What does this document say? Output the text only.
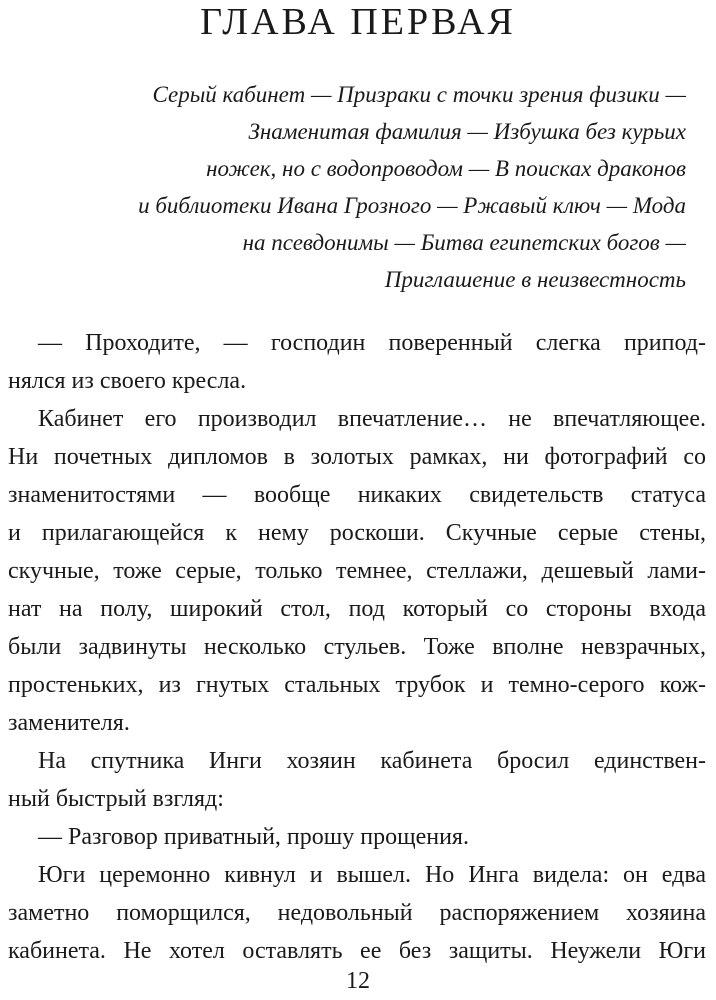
ГЛАВА ПЕРВАЯ
Серый кабинет — Призраки с точки зрения физики —
Знаменитая фамилия — Избушка без курьих
ножек, но с водопроводом — В поисках драконов
и библиотеки Ивана Грозного — Ржавый ключ — Мода
на псевдонимы — Битва египетских богов —
Приглашение в неизвестность
— Проходите, — господин поверенный слегка припод-
нялся из своего кресла.
Кабинет его производил впечатление… не впечатляющее.
Ни почетных дипломов в золотых рамках, ни фотографий со
знаменитостями — вообще никаких свидетельств статуса
и прилагающейся к нему роскоши. Скучные серые стены,
скучные, тоже серые, только темнее, стеллажи, дешевый лами-
нат на полу, широкий стол, под который со стороны входа
были задвинуты несколько стульев. Тоже вполне невзрачных,
простеньких, из гнутых стальных трубок и темно-серого кож-
заменителя.
На спутника Инги хозяин кабинета бросил единствен-
ный быстрый взгляд:
— Разговор приватный, прошу прощения.
Юги церемонно кивнул и вышел. Но Инга видела: он едва
заметно поморщился, недовольный распоряжением хозяина
кабинета. Не хотел оставлять ее без защиты. Неужели Юги
12
